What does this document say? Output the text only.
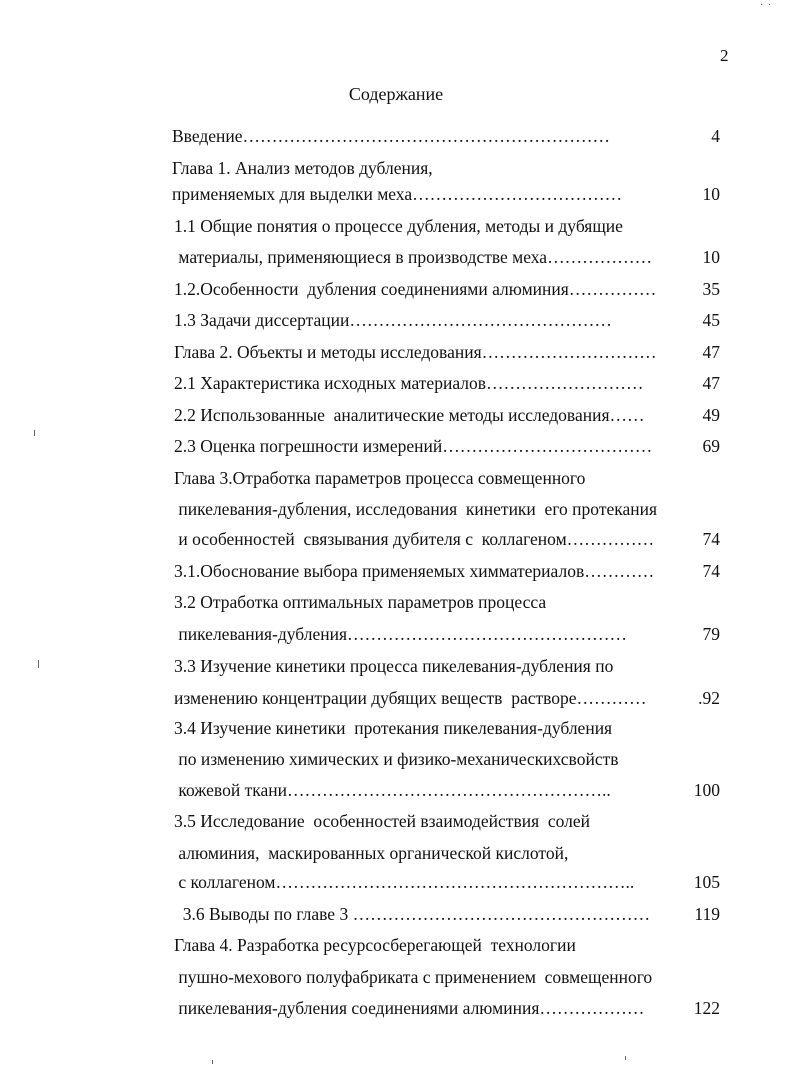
· ·
2
Содержание
Введение………………………………………………………	4
Глава 1. Анализ методов дубления,
применяемых для выделки меха………………………………	10
1.1 Общие понятия о процессе дубления, методы и дубящие
материалы, применяющиеся в производстве меха………………	10
1.2.Особенности  дубления соединениями алюминия……………	35
1.3 Задачи диссертации………………………………………	45
Глава 2. Объекты и методы исследования…………………………	47
2.1 Характеристика исходных материалов………………………	47
2.2 Использованные  аналитические методы исследования……	49
2.3 Оценка погрешности измерений………………………………	69
Глава 3.Отработка параметров процесса совмещенного
пикелевания-дубления, исследования  кинетики  его протекания
и особенностей  связывания дубителя с  коллагеном……………	74
3.1.Обоснование выбора применяемых химматериалов…………	74
3.2 Отработка оптимальных параметров процесса
пикелевания-дубления…………………………………………	79
3.3 Изучение кинетики процесса пикелевания-дубления по
изменению концентрации дубящих веществ  растворе…………	.92
3.4 Изучение кинетики  протекания пикелевания-дубления
по изменению химических и физико-механическихсвойств
кожевой ткани………………………………………………..	100
3.5 Исследование  особенностей взаимодействия  солей
алюминия,  маскированных органической кислотой,
с коллагеном……………………………………………………..	105
3.6 Выводы по главе 3 ……………………………………………	119
Глава 4. Разработка ресурсосберегающей  технологии
пушно-мехового полуфабриката с применением  совмещенного
пикелевания-дубления соединениями алюминия………………	122
